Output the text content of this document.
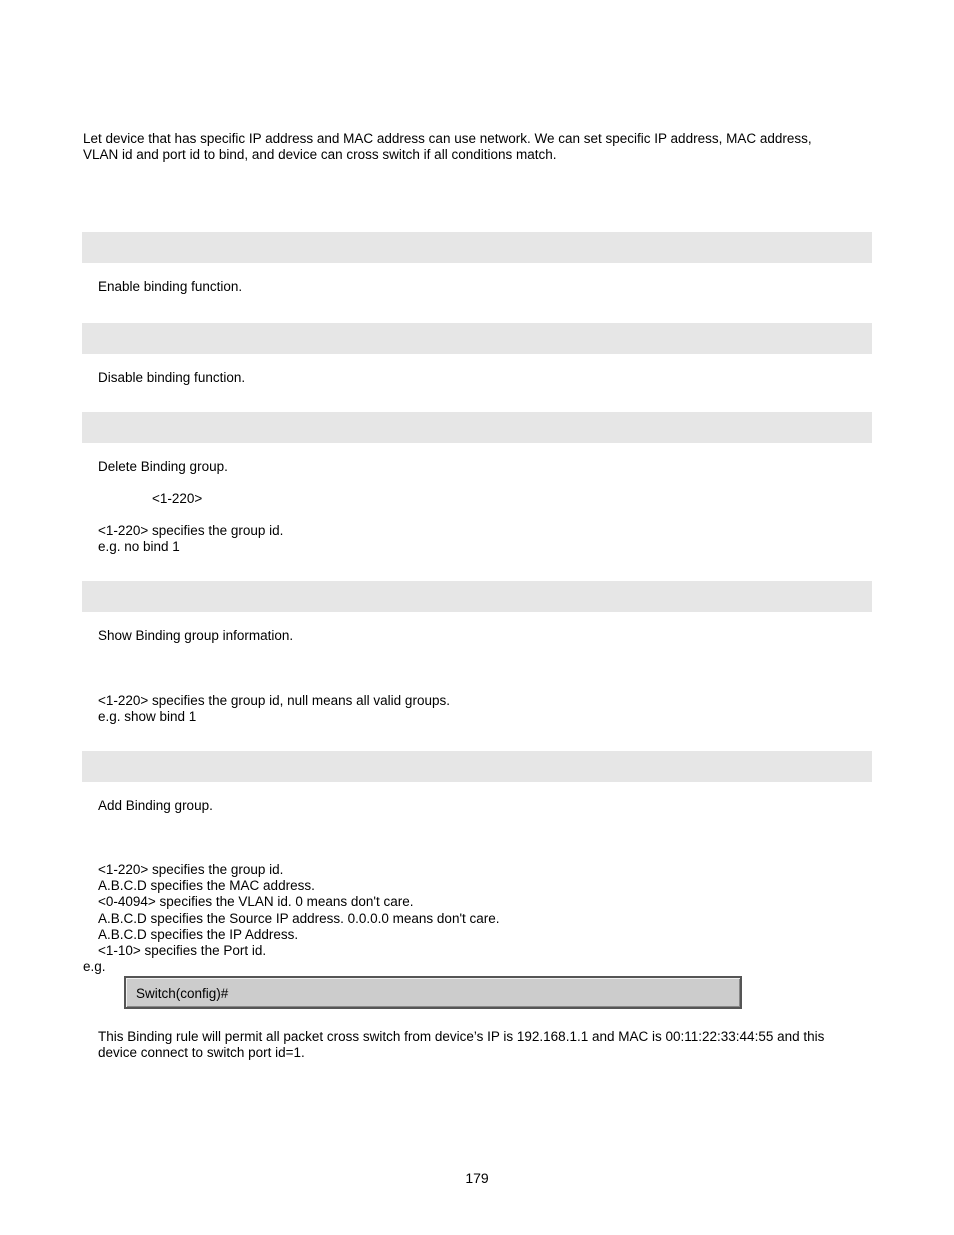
Let device that has specific IP address and MAC address can use network. We can set specific IP address, MAC address,
VLAN id and port id to bind, and device can cross switch if all conditions match.
Enable binding function.
Disable binding function.
Delete Binding group.
<1-220>
<1-220> specifies the group id.
e.g. no bind 1
Show Binding group information.
<1-220> specifies the group id, null means all valid groups.
e.g. show bind 1
Add Binding group.
<1-220> specifies the group id.
A.B.C.D specifies the MAC address.
<0-4094> specifies the VLAN id. 0 means don't care.
A.B.C.D specifies the Source IP address. 0.0.0.0 means don't care.
A.B.C.D specifies the IP Address.
<1-10> specifies the Port id.
e.g.
Switch(config)#
This Binding rule will permit all packet cross switch from device’s IP is 192.168.1.1 and MAC is 00:11:22:33:44:55 and this
device connect to switch port id=1.
179
